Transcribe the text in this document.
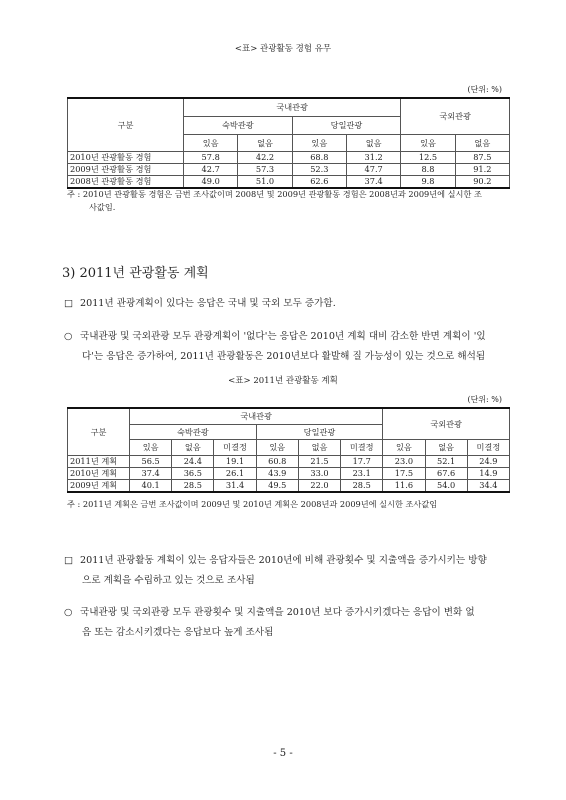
<표> 관광활동 경험 유무
(단위: %)
구분	국내관광				국외관광	
	숙박관광		당일관광			
	있음	없음	있음	없음	있음	없음
2010년 관광활동 경험	57.8	42.2	68.8	31.2	12.5	87.5
2009년 관광활동 경험	42.7	57.3	52.3	47.7	8.8	91.2
2008년 관광활동 경험	49.0	51.0	62.6	37.4	9.8	90.2
주 : 2010년 관광활동 경험은 금번 조사값이며 2008년 및 2009년 관광활동 경험은 2008년과 2009년에 실시한 조
사값임.
3) 2011년 관광활동 계획
□ 2011년 관광계획이 있다는 응답은 국내 및 국외 모두 증가함.
○ 국내관광 및 국외관광 모두 관광계획이 '없다'는 응답은 2010년 계획 대비 감소한 반면 계획이 '있
다'는 응답은 증가하여, 2011년 관광활동은 2010년보다 활발해 질 가능성이 있는 것으로 해석됨
<표> 2011년 관광활동 계획
(단위: %)
구분	국내관광						국외관광		
	숙박관광			당일관광					
	있음	없음	미결정	있음	없음	미결정	있음	없음	미결정
2011년 계획	56.5	24.4	19.1	60.8	21.5	17.7	23.0	52.1	24.9
2010년 계획	37.4	36.5	26.1	43.9	33.0	23.1	17.5	67.6	14.9
2009년 계획	40.1	28.5	31.4	49.5	22.0	28.5	11.6	54.0	34.4
주 : 2011년 계획은 금번 조사값이며 2009년 및 2010년 계획은 2008년과 2009년에 실시한 조사값임
□ 2011년 관광활동 계획이 있는 응답자들은 2010년에 비해 관광횟수 및 지출액을 증가시키는 방향
으로 계획을 수립하고 있는 것으로 조사됨
○ 국내관광 및 국외관광 모두 관광횟수 및 지출액을 2010년 보다 증가시키겠다는 응답이 변화 없
음 또는 감소시키겠다는 응답보다 높게 조사됨
- 5 -
